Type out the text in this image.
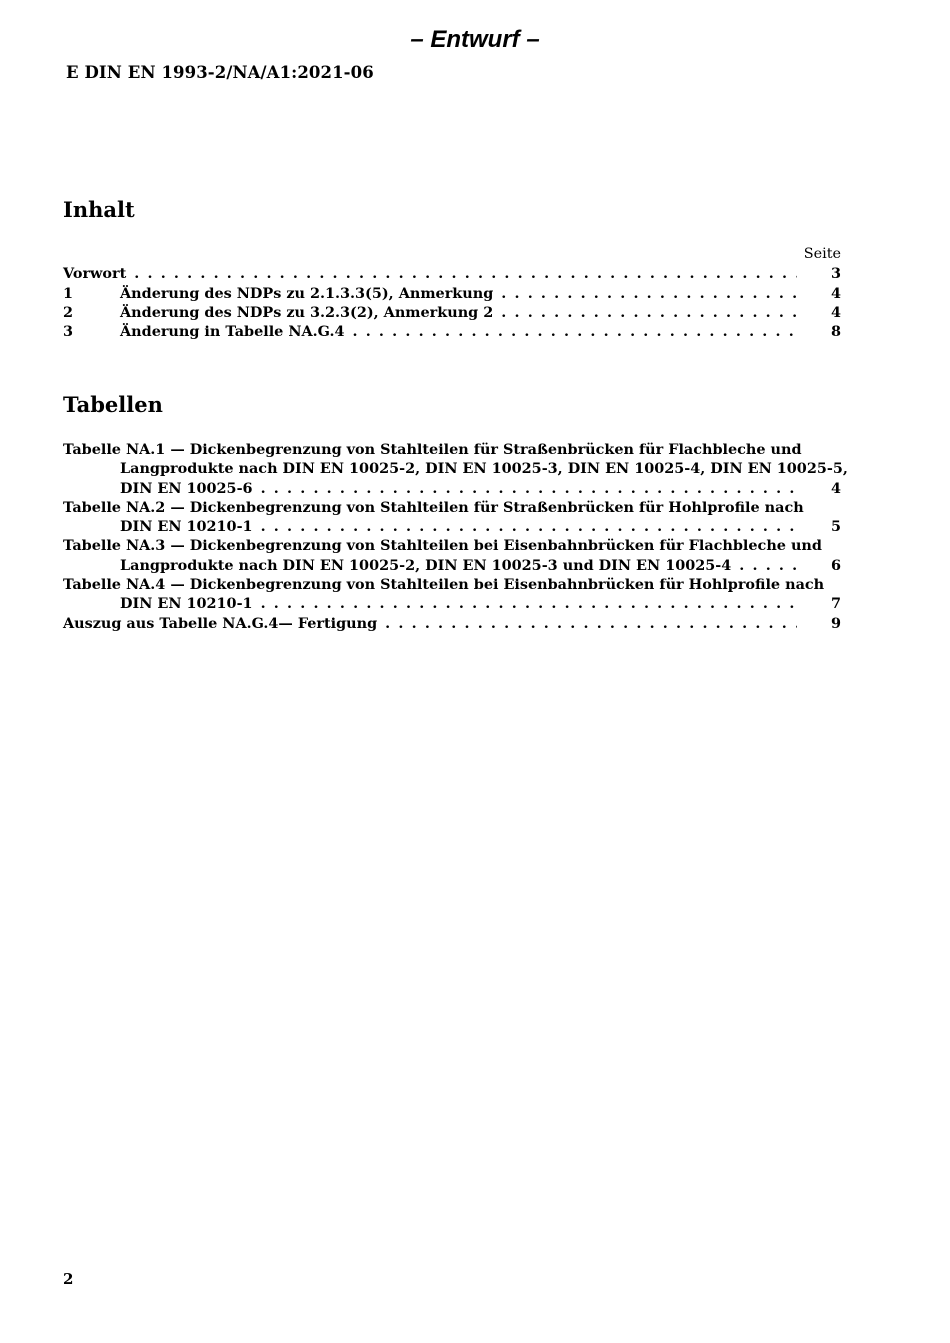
– Entwurf –
E DIN EN 1993-2/NA/A1:2021-06
Inhalt
Seite
Vorwort . . .	3
1	Änderung des NDPs zu 2.1.3.3(5), Anmerkung . . .	4
2	Änderung des NDPs zu 3.2.3(2), Anmerkung 2 . . .	4
3	Änderung in Tabelle NA.G.4 . . .	8
Tabellen
Tabelle NA.1 — Dickenbegrenzung von Stahlteilen für Straßenbrücken für Flachbleche und
Langprodukte nach DIN EN 10025-2, DIN EN 10025-3, DIN EN 10025-4, DIN EN 10025-5,
DIN EN 10025-6 . . .	4
Tabelle NA.2 — Dickenbegrenzung von Stahlteilen für Straßenbrücken für Hohlprofile nach
DIN EN 10210-1 . . .	5
Tabelle NA.3 — Dickenbegrenzung von Stahlteilen bei Eisenbahnbrücken für Flachbleche und
Langprodukte nach DIN EN 10025-2, DIN EN 10025-3 und DIN EN 10025-4 . . .	6
Tabelle NA.4 — Dickenbegrenzung von Stahlteilen bei Eisenbahnbrücken für Hohlprofile nach
DIN EN 10210-1 . . .	7
Auszug aus Tabelle NA.G.4— Fertigung . . .	9
2
